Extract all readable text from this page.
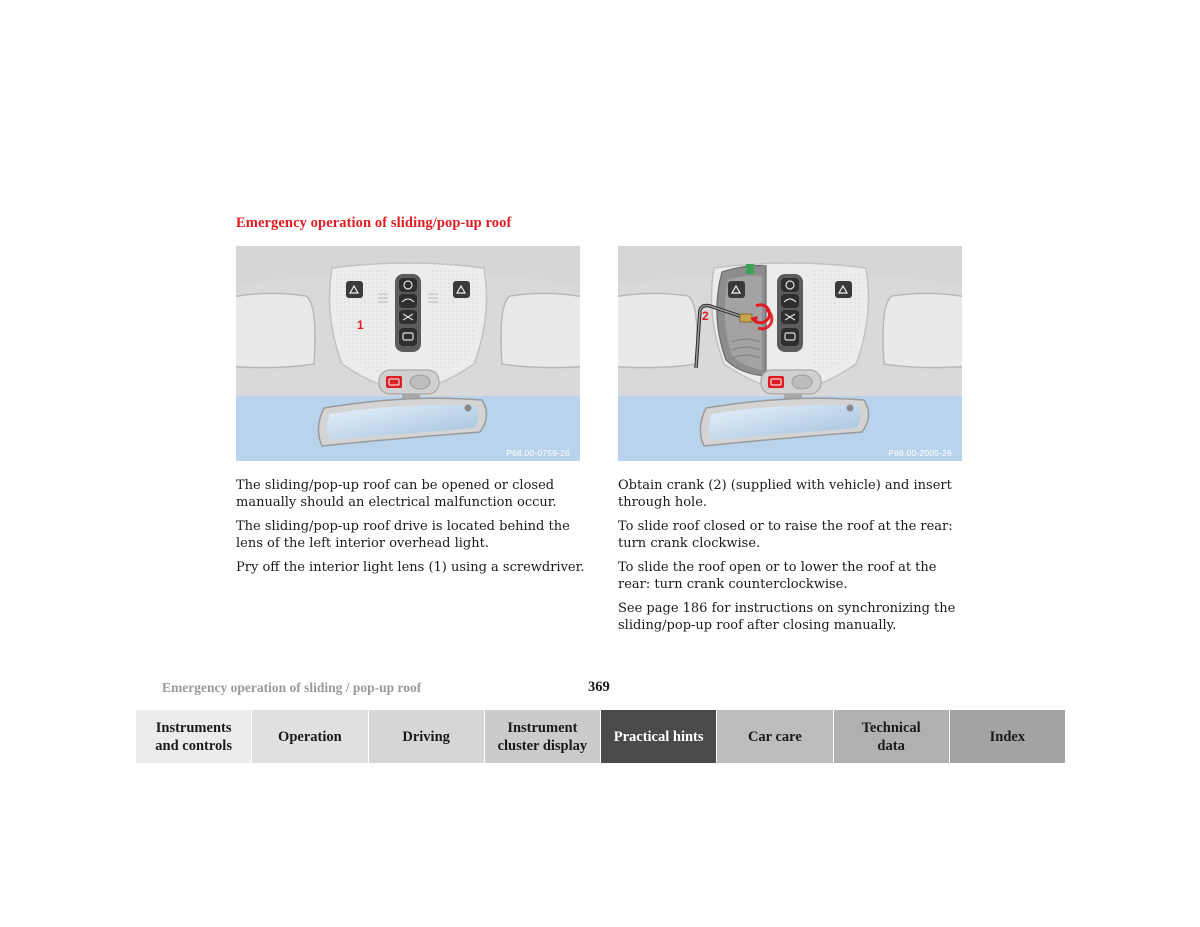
Emergency operation of sliding/pop-up roof
1
P68.00-0759-26
2
P68.00-2005-26

The sliding/pop-up roof can be opened or closed manually should an electrical malfunction occur.

The sliding/pop-up roof drive is located behind the lens of the left interior overhead light.

Pry off the interior light lens (1) using a screwdriver.

Obtain crank (2) (supplied with vehicle) and insert through hole.

To slide roof closed or to raise the roof at the rear: turn crank clockwise.

To slide the roof open or to lower the roof at the rear: turn crank counterclockwise.

See page 186 for instructions on synchronizing the sliding/pop-up roof after closing manually.

Emergency operation of sliding / pop-up roof	369
Instruments
and controls
Operation	Driving
Instrument
cluster display
Practical hints	Car care
Technical
data
Index
